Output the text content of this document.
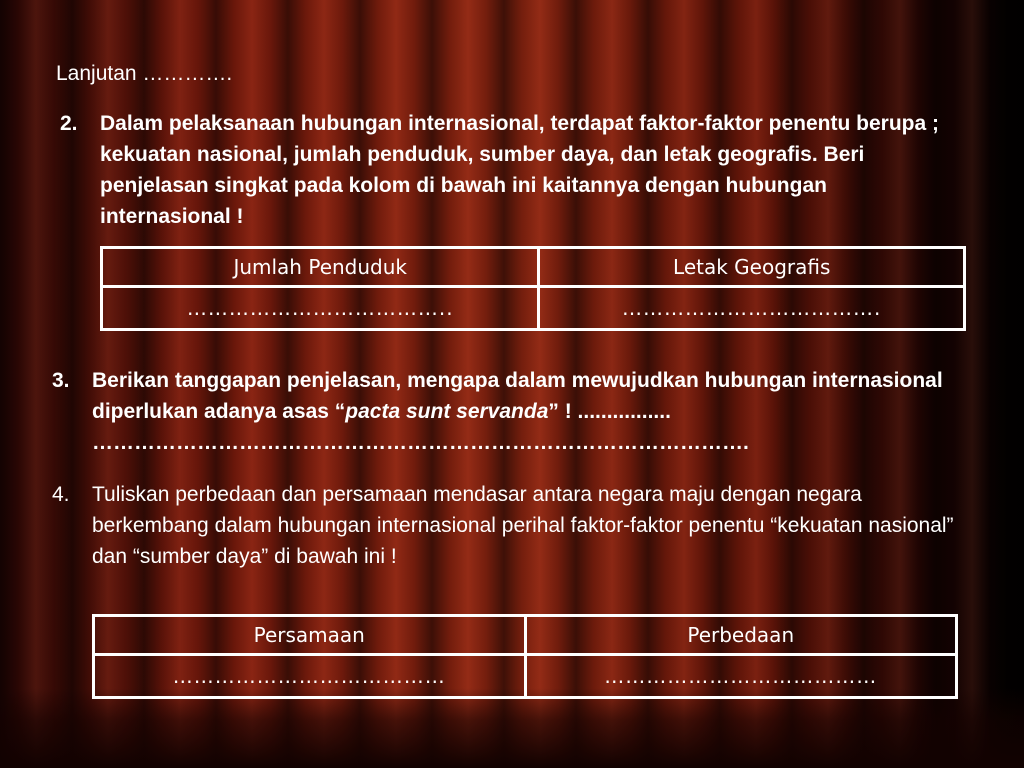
Lanjutan ………….
2. Dalam pelaksanaan hubungan internasional, terdapat faktor-faktor penentu berupa ; kekuatan nasional, jumlah penduduk, sumber daya, dan letak geografis. Beri penjelasan singkat pada kolom di bawah ini kaitannya dengan hubungan internasional !
Jumlah Penduduk	Letak Geografis
………………………………..	……………………………….
3. Berikan tanggapan penjelasan, mengapa dalam mewujudkan hubungan internasional diperlukan adanya asas “pacta sunt servanda” ! ................
………………………………………………………………………………….
4. Tuliskan perbedaan dan persamaan mendasar antara negara maju dengan negara berkembang dalam hubungan internasional perihal faktor-faktor penentu “kekuatan nasional” dan “sumber daya” di bawah ini !
Persamaan	Perbedaan
…………………………………	…………………………………
